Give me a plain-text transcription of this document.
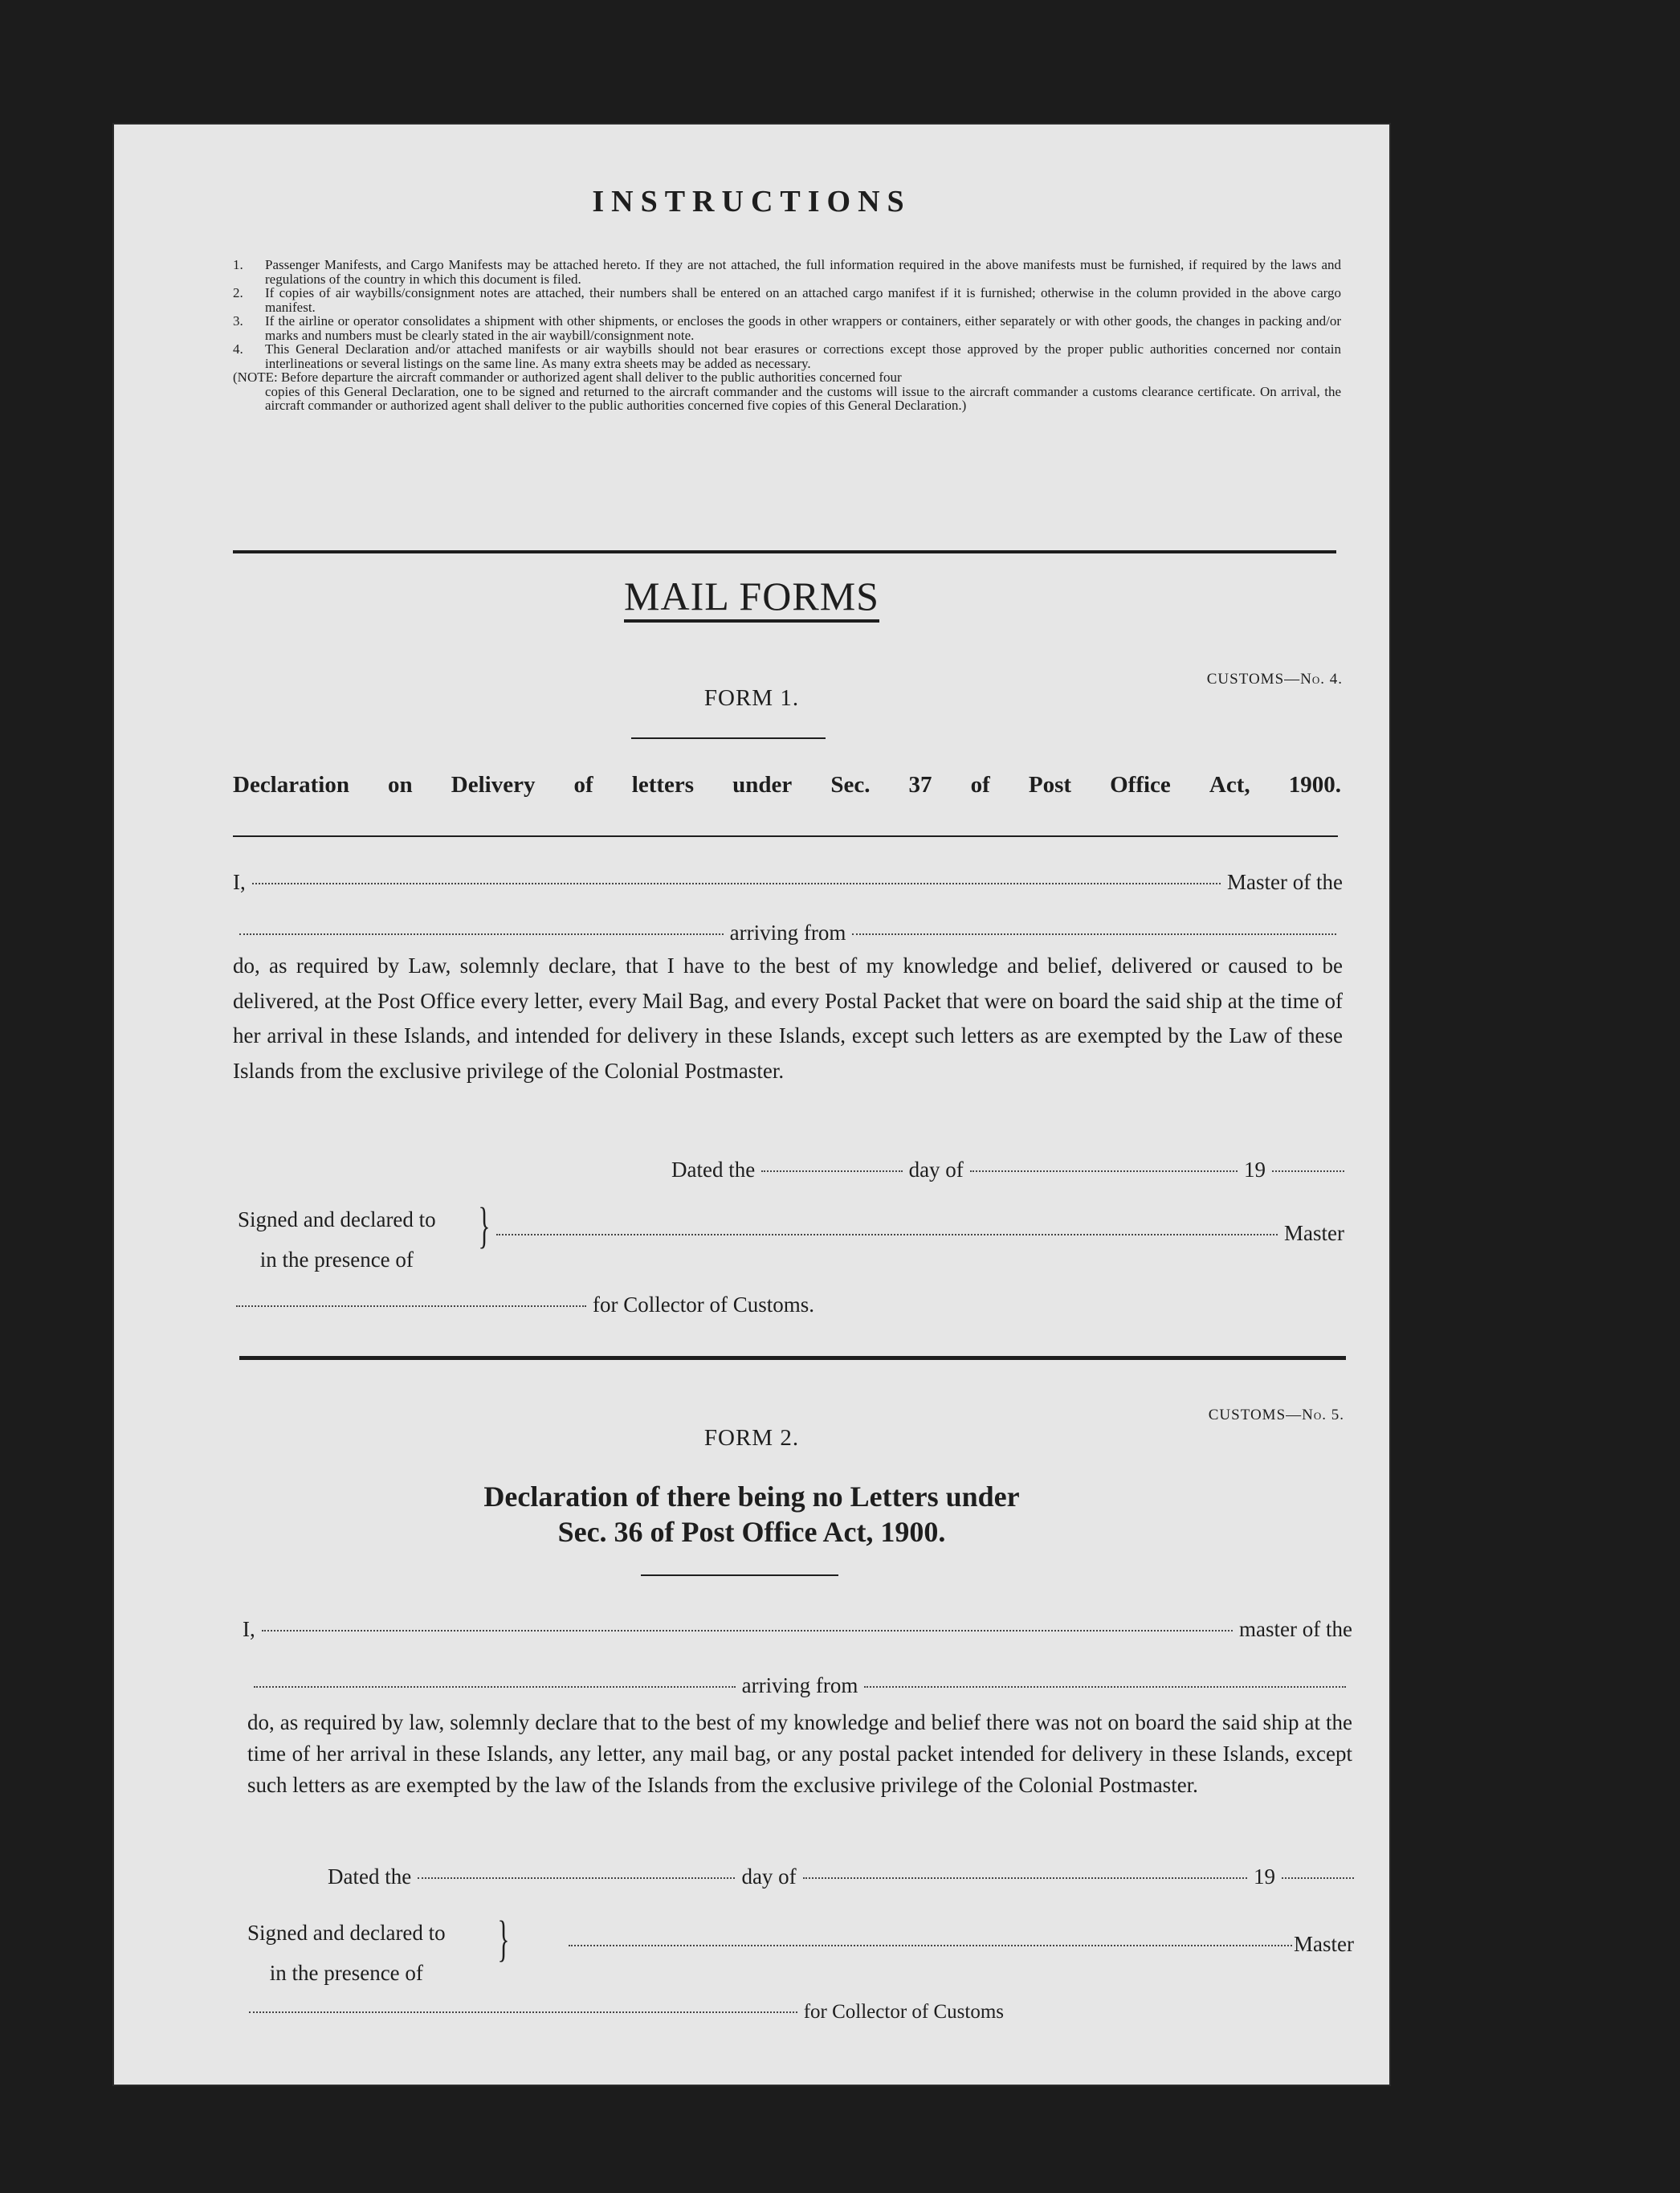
INSTRUCTIONS
1. Passenger Manifests, and Cargo Manifests may be attached hereto. If they are not attached, the full information required in the above manifests must be furnished, if required by the laws and regulations of the country in which this document is filed.
2. If copies of air waybills/consignment notes are attached, their numbers shall be entered on an attached cargo manifest if it is furnished; otherwise in the column provided in the above cargo manifest.
3. If the airline or operator consolidates a shipment with other shipments, or encloses the goods in other wrappers or containers, either separately or with other goods, the changes in packing and/or marks and numbers must be clearly stated in the air waybill/consignment note.
4. This General Declaration and/or attached manifests or air waybills should not bear erasures or corrections except those approved by the proper public authorities concerned nor contain interlineations or several listings on the same line. As many extra sheets may be added as necessary.
(NOTE: Before departure the aircraft commander or authorized agent shall deliver to the public authorities concerned four
copies of this General Declaration, one to be signed and returned to the aircraft commander and the customs will issue to the aircraft commander a customs clearance certificate. On arrival, the aircraft commander or authorized agent shall deliver to the public authorities concerned five copies of this General Declaration.)
MAIL FORMS
CUSTOMS—No. 4.
FORM 1.
Declaration on Delivery of letters under Sec. 37 of Post Office Act, 1900.
I,	Master of the
arriving from
do, as required by Law, solemnly declare, that I have to the best of my knowledge and belief, delivered or caused to be delivered, at the Post Office every letter, every Mail Bag, and every Postal Packet that were on board the said ship at the time of her arrival in these Islands, and intended for delivery in these Islands, except such letters as are exempted by the Law of these Islands from the exclusive privilege of the Colonial Postmaster.
Dated the	day of	19
Signed and declared to
in the presence of
}	Master
for Collector of Customs.
CUSTOMS—No. 5.
FORM 2.
Declaration of there being no Letters under
Sec. 36 of Post Office Act, 1900.
I,	master of the
arriving from
do, as required by law, solemnly declare that to the best of my knowledge and belief there was not on board the said ship at the time of her arrival in these Islands, any letter, any mail bag, or any postal packet intended for delivery in these Islands, except such letters as are exempted by the law of the Islands from the exclusive privilege of the Colonial Postmaster.
Dated the	day of	19
Signed and declared to
in the presence of
}	Master
for Collector of Customs
